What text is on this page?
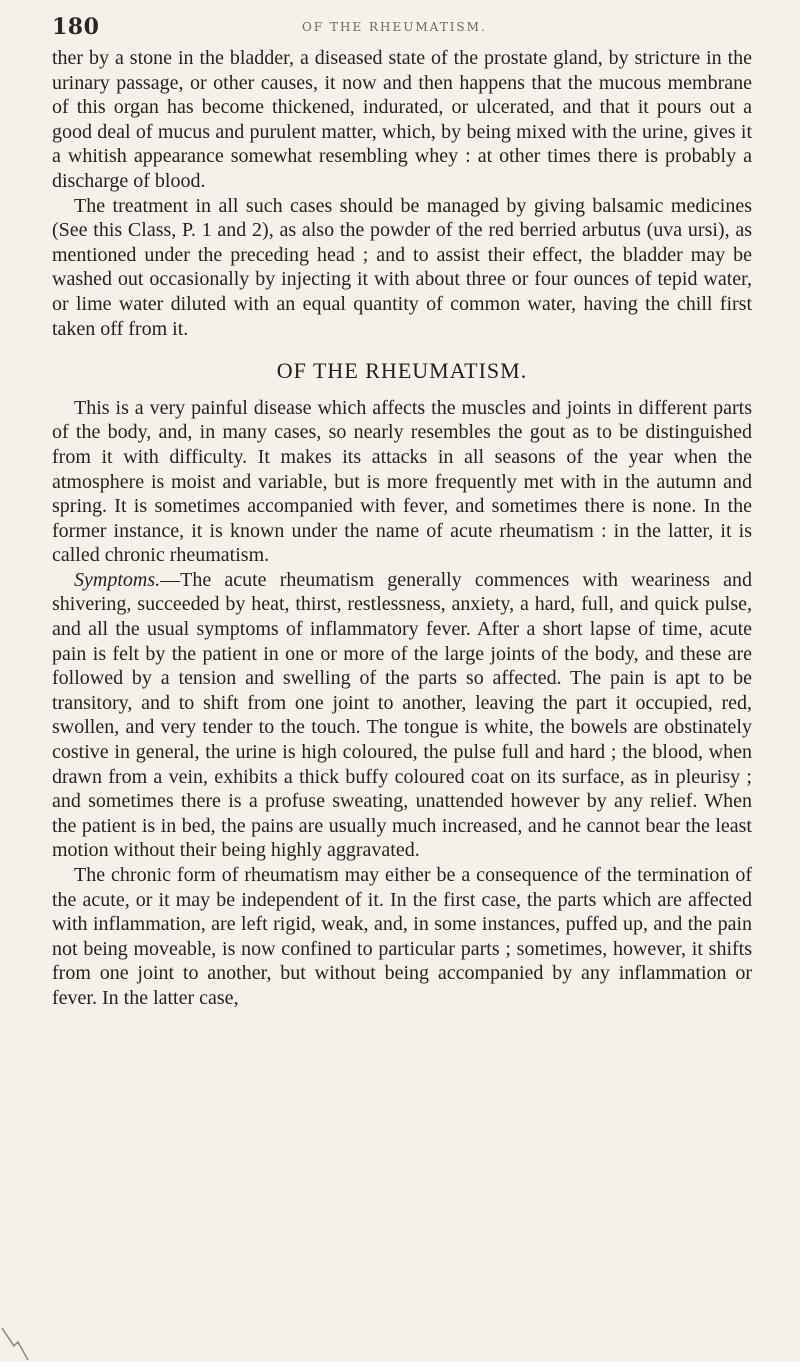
180	OF THE RHEUMATISM.

ther by a stone in the bladder, a diseased state of the prostate gland, by stricture in the urinary passage, or other causes, it now and then happens that the mucous membrane of this organ has become thickened, indurated, or ulcerated, and that it pours out a good deal of mucus and purulent matter, which, by being mixed with the urine, gives it a whitish appearance somewhat resembling whey : at other times there is probably a discharge of blood.

The treatment in all such cases should be managed by giving balsamic medicines (See this Class, P. 1 and 2), as also the powder of the red berried arbutus (uva ursi), as mentioned under the preceding head ; and to assist their effect, the bladder may be washed out occasionally by injecting it with about three or four ounces of tepid water, or lime water diluted with an equal quantity of common water, having the chill first taken off from it.

OF THE RHEUMATISM.

This is a very painful disease which affects the muscles and joints in different parts of the body, and, in many cases, so nearly resembles the gout as to be distinguished from it with difficulty. It makes its attacks in all seasons of the year when the atmosphere is moist and variable, but is more frequently met with in the autumn and spring. It is sometimes accompanied with fever, and sometimes there is none. In the former instance, it is known under the name of acute rheumatism : in the latter, it is called chronic rheumatism.

Symptoms.—The acute rheumatism generally commences with weariness and shivering, succeeded by heat, thirst, restlessness, anxiety, a hard, full, and quick pulse, and all the usual symptoms of inflammatory fever. After a short lapse of time, acute pain is felt by the patient in one or more of the large joints of the body, and these are followed by a tension and swelling of the parts so affected. The pain is apt to be transitory, and to shift from one joint to another, leaving the part it occupied, red, swollen, and very tender to the touch. The tongue is white, the bowels are obstinately costive in general, the urine is high coloured, the pulse full and hard ; the blood, when drawn from a vein, exhibits a thick buffy coloured coat on its surface, as in pleurisy ; and sometimes there is a profuse sweating, unattended however by any relief. When the patient is in bed, the pains are usually much increased, and he cannot bear the least motion without their being highly aggravated.

The chronic form of rheumatism may either be a consequence of the termination of the acute, or it may be independent of it. In the first case, the parts which are affected with inflammation, are left rigid, weak, and, in some instances, puffed up, and the pain not being moveable, is now confined to particular parts ; sometimes, however, it shifts from one joint to another, but without being accompanied by any inflammation or fever. In the latter case,
